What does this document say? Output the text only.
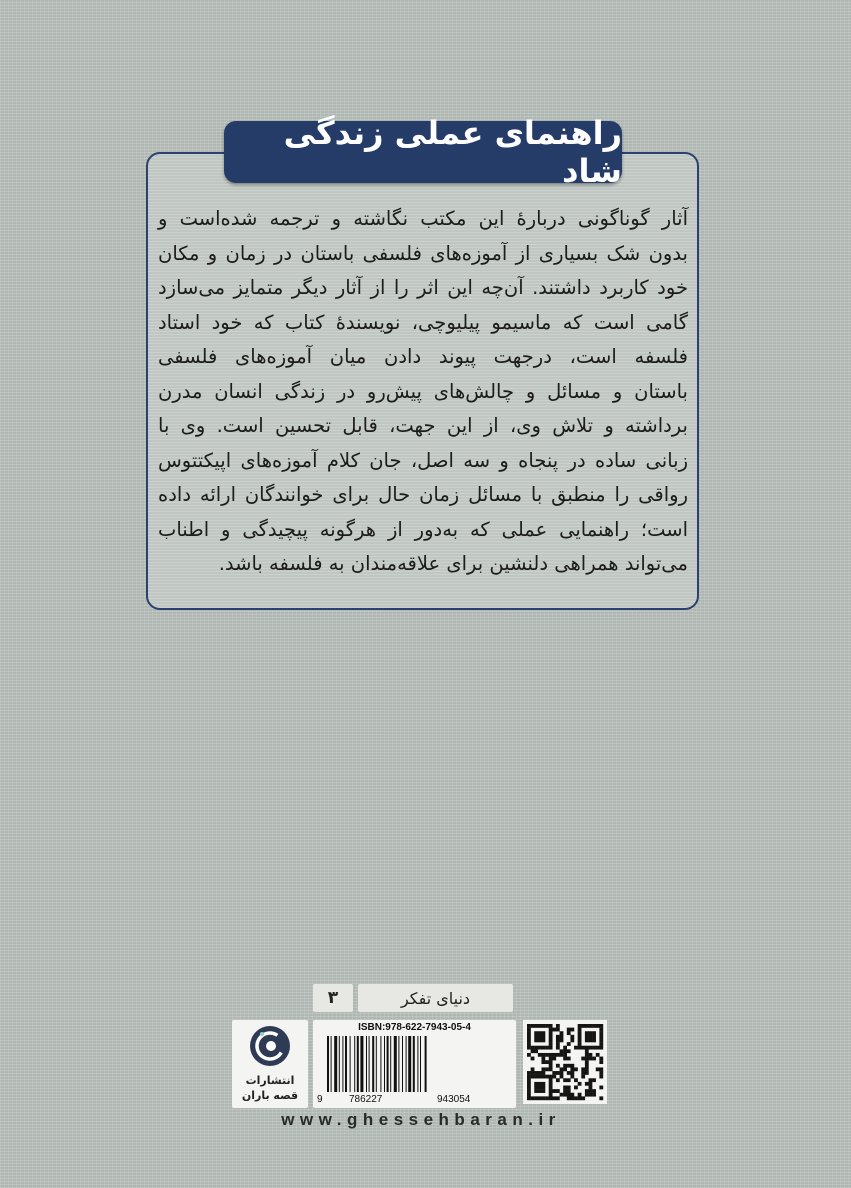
راهنمای عملی زندگی شاد
آثار گوناگونی دربارهٔ این مکتب نگاشته و ترجمه شده‌است و
بدون شک بسیاری از آموزه‌های فلسفی باستان در زمان و مکان
خود کاربرد داشتند. آن‌چه این اثر را از آثار دیگر متمایز می‌سازد
گامی است که ماسیمو پیلیوچی، نویسندهٔ کتاب که خود استاد
فلسفه است، درجهت پیوند دادن میان آموزه‌های فلسفی
باستان و مسائل و چالش‌های پیش‌رو در زندگی انسان مدرن
برداشته و تلاش وی، از این جهت، قابل تحسین است. وی با
زبانی ساده در پنجاه و سه اصل، جان کلام آموزه‌های اپیکتتوس
رواقی را منطبق با مسائل زمان حال برای خوانندگان ارائه داده
است؛ راهنمایی عملی که به‌دور از هرگونه پیچیدگی و اطناب
می‌تواند همراهی دلنشین برای علاقه‌مندان به فلسفه باشد.
دنیای تفکر
۳
انتشارات
قصه باران
ISBN:978-622-7943-05-4
9	786227	943054
www.ghessehbaran.ir
